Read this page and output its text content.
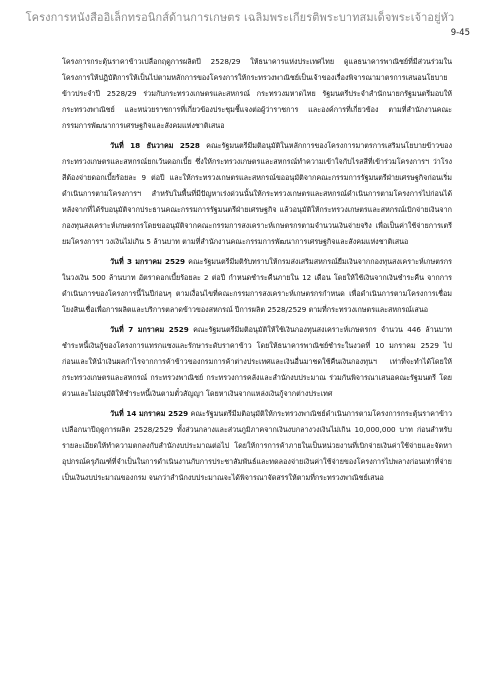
โครงการหนังสืออิเล็กทรอนิกส์ด้านการเกษตร เฉลิมพระเกียรติพระบาทสมเด็จพระเจ้าอยู่หัว
9-45

โครงการกระตุ้นราคาข้าวเปลือกฤดูการผลิตปี 2528/29 ให้ธนาคารแห่งประเทศไทย ดูแลธนาคารพาณิชย์ที่มีส่วนร่วมในโครงการให้ปฏิบัติการให้เป็นไปตามหลักการของโครงการให้กระทรวงพาณิชย์เป็นเจ้าของเรื่องพิจารณามาตรการเสนอนโยบายข้าวประจำปี 2528/29 ร่วมกับกระทรวงเกษตรและสหกรณ์ กระทรวงมหาดไทย รัฐมนตรีประจำสำนักนายกรัฐมนตรีมอบให้กระทรวงพาณิชย์ และหน่วยราชการที่เกี่ยวข้องประชุมชี้แจงต่อผู้ว่าราชการ และองค์การที่เกี่ยวข้อง ตามที่สำนักงานคณะกรรมการพัฒนาการเศรษฐกิจและสังคมแห่งชาติเสนอ

วันที่ 18 ธันวาคม 2528 คณะรัฐมนตรีมีมติอนุมัติในหลักการของโครงการมาตรการเสริมนโยบายข้าวของกระทรวงเกษตรและสหกรณ์ยกเว้นดอกเบี้ย ซึ่งให้กระทรวงเกษตรและสหกรณ์ทำความเข้าใจกับไรสสีที่เข้าร่วมโครงการฯ ว่าโรงสีต้องจ่ายดอกเบี้ยร้อยละ 9 ต่อปี และให้กระทรวงเกษตรและสหกรณ์ขออนุมัติจากคณะกรรมการรัฐมนตรีฝ่ายเศรษฐกิจก่อนเริ่มดำเนินการตามโครงการฯ สำหรับในพื้นที่มีปัญหาเร่งด่วนนั้นให้กระทรวงเกษตรและสหกรณ์ดำเนินการตามโครงการไปก่อนได้หลังจากที่ได้รับอนุมัติจากประธานคณะกรรมการรัฐมนตรีฝ่ายเศรษฐกิจ แล้วอนุมัติให้กระทรวงเกษตรและสหกรณ์เบิกจ่ายเงินจากกองทุนสงเคราะห์เกษตรกรโดยขออนุมัติจากคณะกรรมการสงเคราะห์เกษตรกรตามจำนวนเงินจ่ายจริง เพื่อเป็นค่าใช้จ่ายการเตรียมโครงการฯ วงเงินไม่เกิน 5 ล้านบาท ตามที่สำนักงานคณะกรรมการพัฒนาการเศรษฐกิจและสังคมแห่งชาติเสนอ

วันที่ 3 มกราคม 2529 คณะรัฐมนตรีมีมติรับทราบให้กรมส่งเสริมสหกรณ์ยืมเงินจากกองทุนสงเคราะห์เกษตรกร ในวงเงิน 500 ล้านบาท อัตราดอกเบี้ยร้อยละ 2 ต่อปี กำหนดชำระคืนภายใน 12 เดือน โดยให้ใช้เงินจากเงินชำระคืน จากการดำเนินการของโครงการนี้ในปีก่อนๆ ตามเงื่อนไขที่คณะกรรมการสงเคราะห์เกษตรกรกำหนด เพื่อดำเนินการตามโครงการเชื่อมโยงสินเชื่อเพื่อการผลิตและบริการตลาดข้าวของสหกรณ์ ปีการผลิต 2528/2529 ตามที่กระทรวงเกษตรและสหกรณ์เสนอ

วันที่ 7 มกราคม 2529 คณะรัฐมนตรีมีมติอนุมัติให้ใช้เงินกองทุนสงเคราะห์เกษตรกร จำนวน 446 ล้านบาท ชำระหนี้เงินกู้ของโครงการแทรกแซงและรักษาระดับราคาข้าว โดยให้ธนาคารพาณิชย์ชำระในงวดที่ 10 มกราคม 2529 ไปก่อนและให้นำเงินผลกำไรจากการค้าข้าวของกรมการค้าต่างประเทศและเงินอื่นมาชดใช้คืนเงินกองทุนฯ เท่าที่จะทำได้โดยให้กระทรวงเกษตรและสหกรณ์ กระทรวงพาณิชย์ กระทรวงการคลังและสำนักงบประมาณ ร่วมกันพิจารณาเสนอคณะรัฐมนตรี โดยด่วนและไม่อนุมัติให้ชำระหนี้เงินตามตั๋วสัญญา โดยหาเงินจากแหล่งเงินกู้จากต่างประเทศ

วันที่ 14 มกราคม 2529 คณะรัฐมนตรีมีมติอนุมัติให้กระทรวงพาณิชย์ดำเนินการตามโครงการกระตุ้นราคาข้าวเปลือกนาปีฤดูการผลิต 2528/2529 ทั้งส่วนกลางและส่วนภูมิภาคจากเงินงบกลางวงเงินไม่เกิน 10,000,000 บาท ก่อนสำหรับรายละเอียดให้ทำความตกลงกับสำนักงบประมาณต่อไป โดยให้การการค้าภายในเป็นหน่วยงานที่เบิกจ่ายเงินค่าใช้จ่ายและจัดหาอุปกรณ์ครุภัณฑ์ที่จำเป็นในการดำเนินงานกับการประชาสัมพันธ์และทดลองจ่ายเงินค่าใช้จ่ายของโครงการไปพลางก่อนเท่าที่จ่ายเป็นเงินงบประมาณของกรม จนกว่าสำนักงบประมาณจะได้พิจารณาจัดสรรให้ตามที่กระทรวงพาณิชย์เสนอ
